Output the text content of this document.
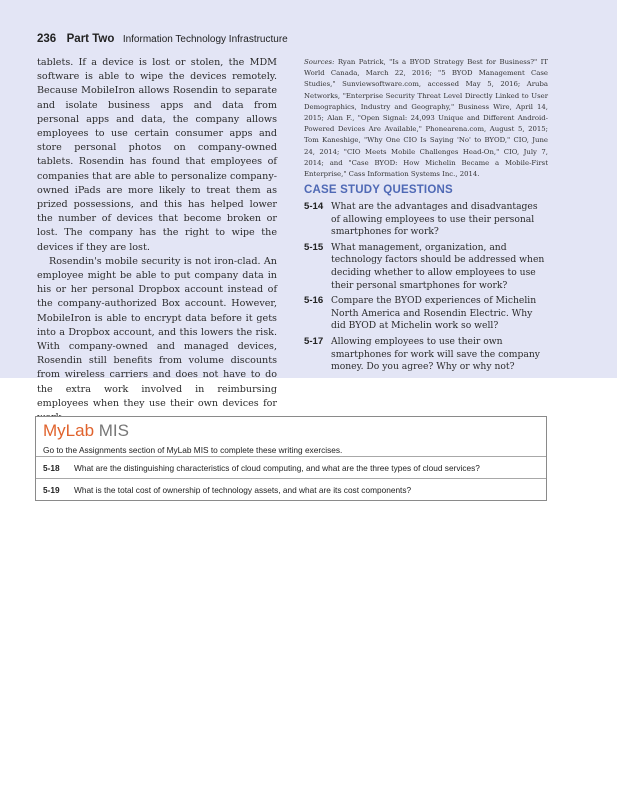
236 Part Two Information Technology Infrastructure

tablets. If a device is lost or stolen, the MDM software is able to wipe the devices remotely. Because MobileIron allows Rosendin to separate and isolate business apps and data from personal apps and data, the company allows employees to use certain consumer apps and store personal photos on company-owned tablets. Rosendin has found that employees of companies that are able to personalize company-owned iPads are more likely to treat them as prized possessions, and this has helped lower the number of devices that become broken or lost. The company has the right to wipe the devices if they are lost.

Rosendin's mobile security is not iron-clad. An employee might be able to put company data in his or her personal Dropbox account instead of the company-authorized Box account. However, MobileIron is able to encrypt data before it gets into a Dropbox account, and this lowers the risk. With company-owned and managed devices, Rosendin still benefits from volume discounts from wireless carriers and does not have to do the extra work involved in reimbursing employees when they use their own devices for

Sources: Ryan Patrick, "Is a BYOD Strategy Best for Business?" IT World Canada, March 22, 2016; "5 BYOD Management Case Studies," Sunviewsoftware.com, accessed May 5, 2016; Aruba Networks, "Enterprise Security Threat Level Directly Linked to User Demographics, Industry and Geography," Business Wire, April 14, 2015; Alan F., "Open Signal: 24,093 Unique and Different Android-Powered Devices Are Available," Phonearena.com, August 5, 2015; Tom Kaneshige, "Why One CIO Is Saying 'No' to BYOD," CIO, June 24, 2014; "CIO Meets Mobile Challenges Head-On," CIO, July 7, 2014; and "Case BYOD: How Michelin Became a Mobile-First Enterprise," Cass Information Systems Inc., 2014.
CASE STUDY QUESTIONS
5-14 What are the advantages and disadvantages of allowing employees to use their personal smartphones for work?
5-15 What management, organization, and technology factors should be addressed when deciding whether to allow employees to use their personal smartphones for work?
5-16 Compare the BYOD experiences of Michelin North America and Rosendin Electric. Why did BYOD at Michelin work so well?
5-17 Allowing employees to use their own smartphones for work will save the company money. Do you agree? Why or why not?
MyLab MIS
Go to the Assignments section of MyLab MIS to complete these writing exercises.
5-18 What are the distinguishing characteristics of cloud computing, and what are the three types of cloud services?
5-19 What is the total cost of ownership of technology assets, and what are its cost components?
